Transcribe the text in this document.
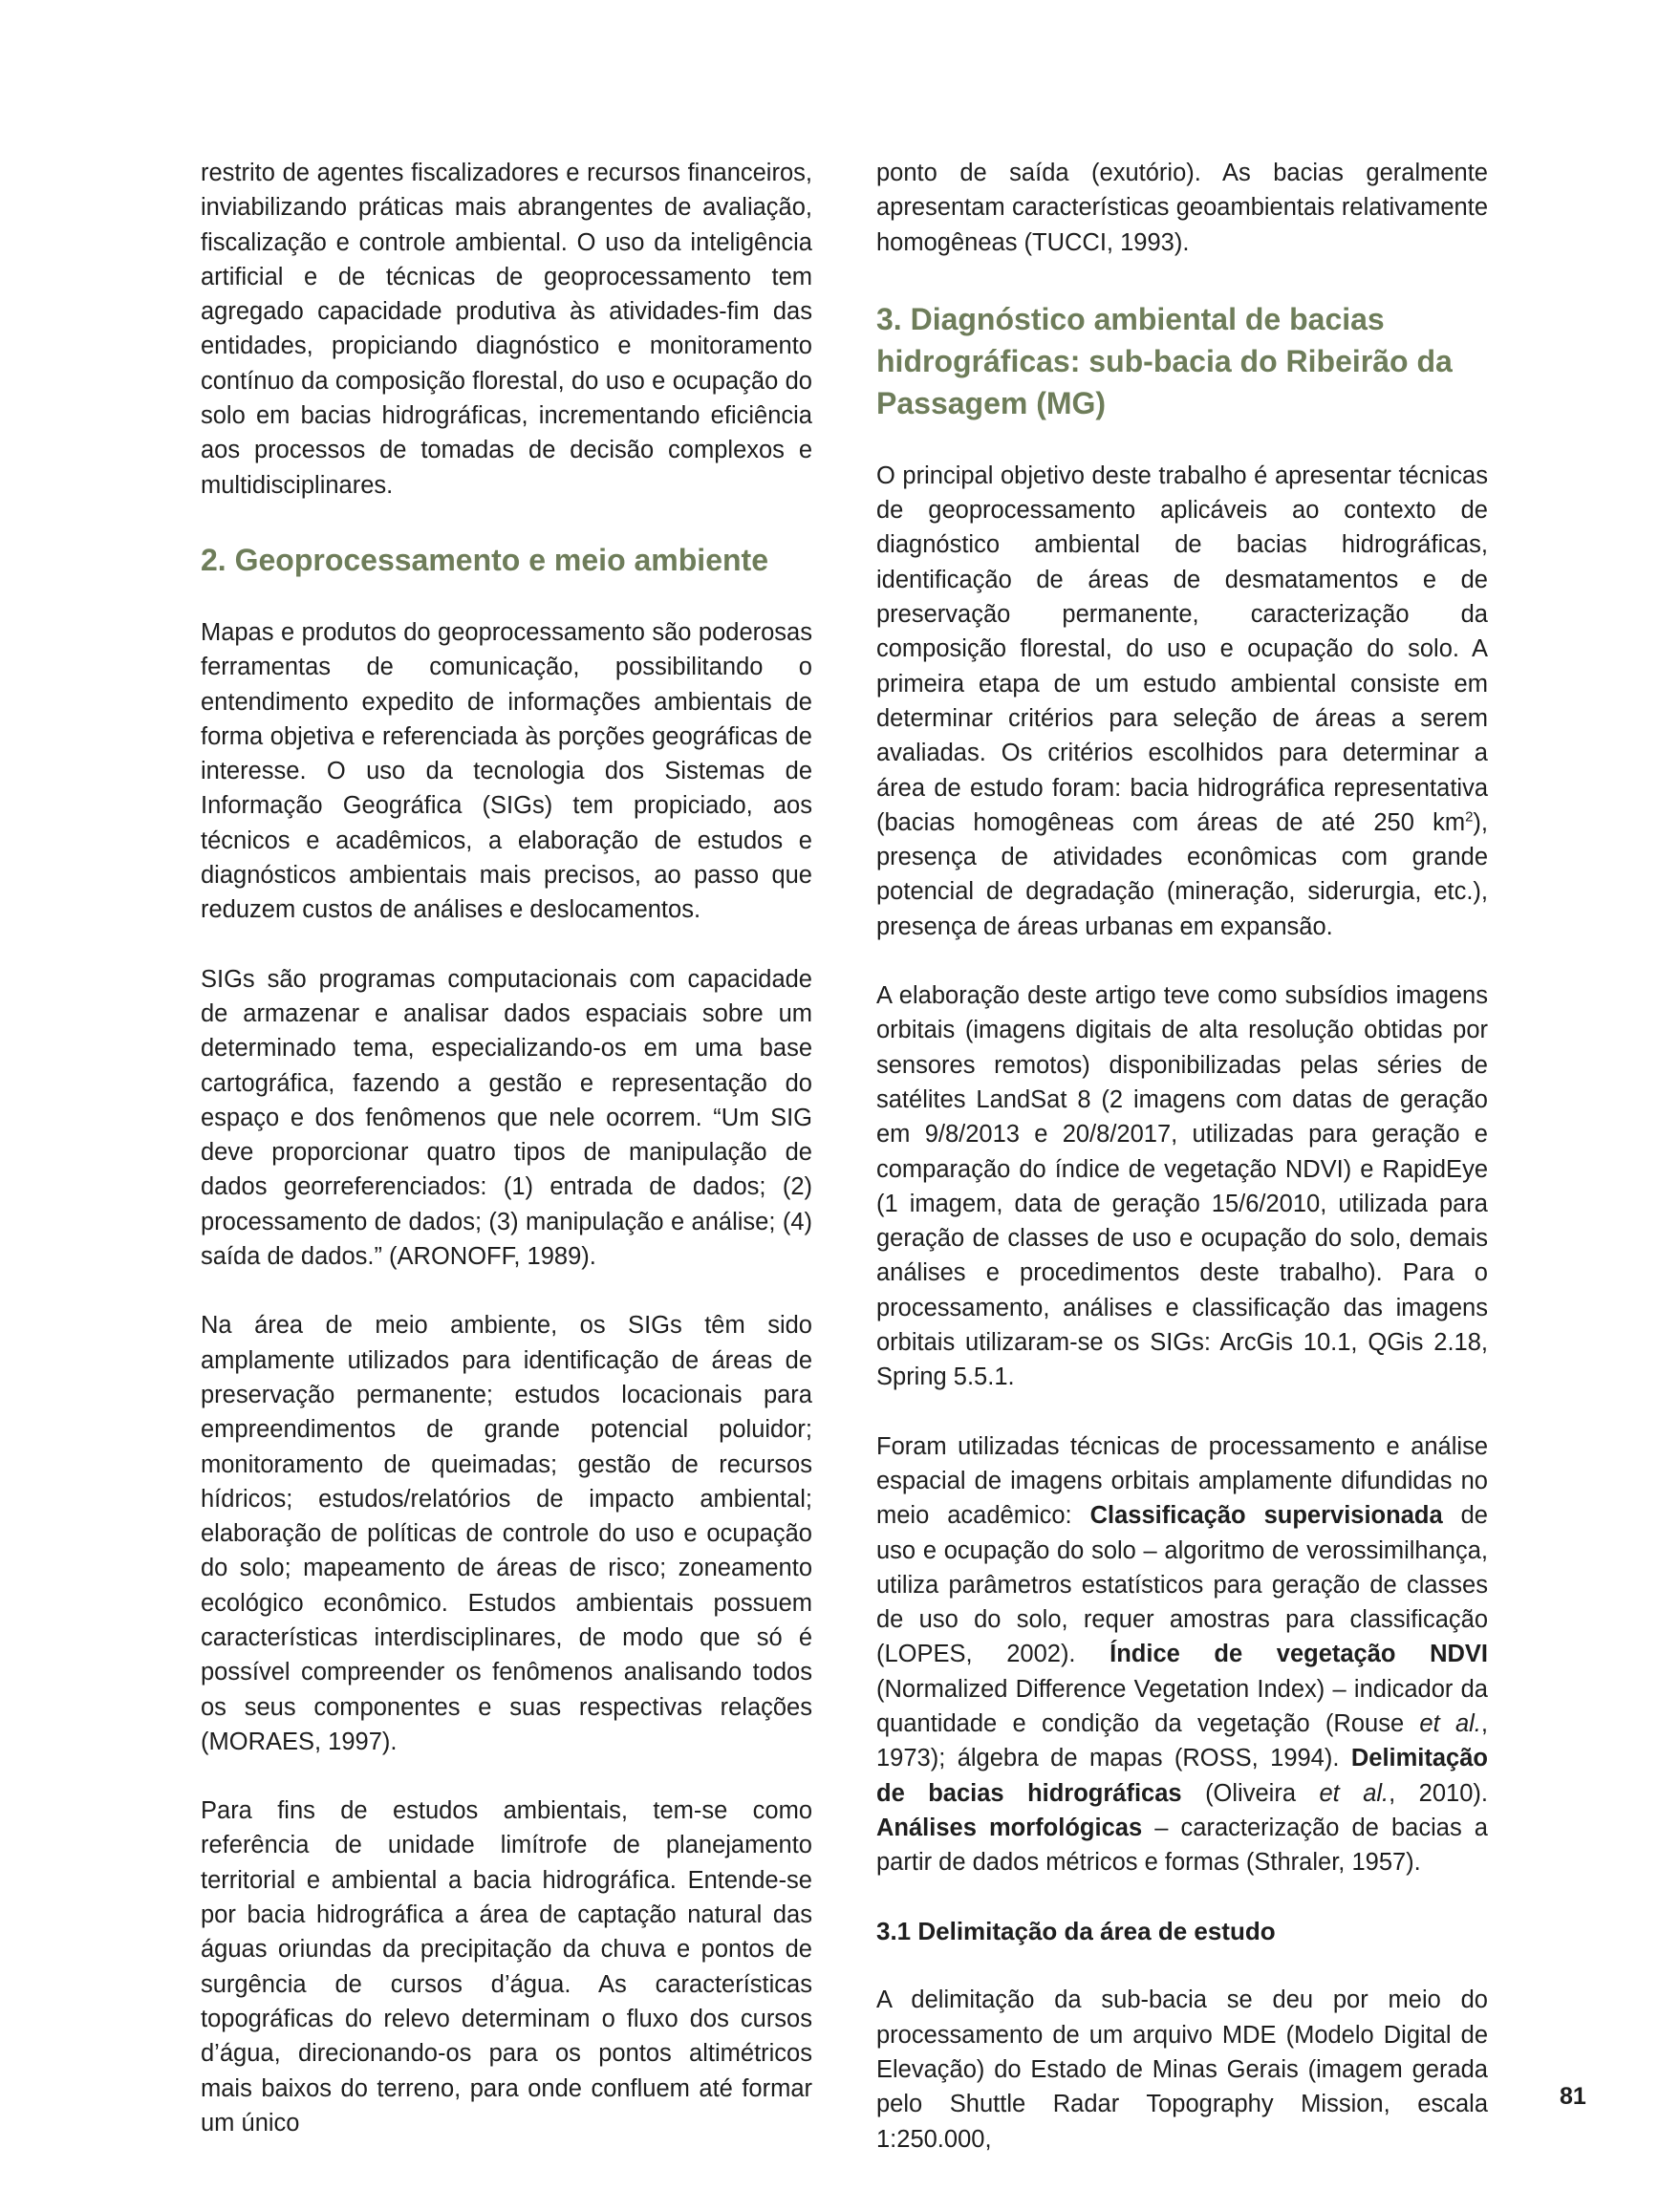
restrito de agentes fiscalizadores e recursos financeiros, inviabilizando práticas mais abrangentes de avaliação, fiscalização e controle ambiental. O uso da inteligência artificial e de técnicas de geoprocessamento tem agregado capacidade produtiva às atividades-fim das entidades, propiciando diagnóstico e monitoramento contínuo da composição florestal, do uso e ocupação do solo em bacias hidrográficas, incrementando eficiência aos processos de tomadas de decisão complexos e multidisciplinares.

2. Geoprocessamento e meio ambiente

Mapas e produtos do geoprocessamento são poderosas ferramentas de comunicação, possibilitando o entendimento expedito de informações ambientais de forma objetiva e referenciada às porções geográficas de interesse. O uso da tecnologia dos Sistemas de Informação Geográfica (SIGs) tem propiciado, aos técnicos e acadêmicos, a elaboração de estudos e diagnósticos ambientais mais precisos, ao passo que reduzem custos de análises e deslocamentos.

SIGs são programas computacionais com capacidade de armazenar e analisar dados espaciais sobre um determinado tema, especializando-os em uma base cartográfica, fazendo a gestão e representação do espaço e dos fenômenos que nele ocorrem. “Um SIG deve proporcionar quatro tipos de manipulação de dados georreferenciados: (1) entrada de dados; (2) processamento de dados; (3) manipulação e análise; (4) saída de dados.” (ARONOFF, 1989).

Na área de meio ambiente, os SIGs têm sido amplamente utilizados para identificação de áreas de preservação permanente; estudos locacionais para empreendimentos de grande potencial poluidor; monitoramento de queimadas; gestão de recursos hídricos; estudos/relatórios de impacto ambiental; elaboração de políticas de controle do uso e ocupação do solo; mapeamento de áreas de risco; zoneamento ecológico econômico. Estudos ambientais possuem características interdisciplinares, de modo que só é possível compreender os fenômenos analisando todos os seus componentes e suas respectivas relações (MORAES, 1997).

Para fins de estudos ambientais, tem-se como referência de unidade limítrofe de planejamento territorial e ambiental a bacia hidrográfica. Entende-se por bacia hidrográfica a área de captação natural das águas oriundas da precipitação da chuva e pontos de surgência de cursos d’água. As características topográficas do relevo determinam o fluxo dos cursos d’água, direcionando-os para os pontos altimétricos mais baixos do terreno, para onde confluem até formar um único

ponto de saída (exutório). As bacias geralmente apresentam características geoambientais relativamente homogêneas (TUCCI, 1993).

3. Diagnóstico ambiental de bacias hidrográficas: sub-bacia do Ribeirão da Passagem (MG)

O principal objetivo deste trabalho é apresentar técnicas de geoprocessamento aplicáveis ao contexto de diagnóstico ambiental de bacias hidrográficas, identificação de áreas de desmatamentos e de preservação permanente, caracterização da composição florestal, do uso e ocupação do solo. A primeira etapa de um estudo ambiental consiste em determinar critérios para seleção de áreas a serem avaliadas. Os critérios escolhidos para determinar a área de estudo foram: bacia hidrográfica representativa (bacias homogêneas com áreas de até 250 $km^2$), presença de atividades econômicas com grande potencial de degradação (mineração, siderurgia, etc.), presença de áreas urbanas em expansão.

A elaboração deste artigo teve como subsídios imagens orbitais (imagens digitais de alta resolução obtidas por sensores remotos) disponibilizadas pelas séries de satélites LandSat 8 (2 imagens com datas de geração em 9/8/2013 e 20/8/2017, utilizadas para geração e comparação do índice de vegetação NDVI) e RapidEye (1 imagem, data de geração 15/6/2010, utilizada para geração de classes de uso e ocupação do solo, demais análises e procedimentos deste trabalho). Para o processamento, análises e classificação das imagens orbitais utilizaram-se os SIGs: ArcGis 10.1, QGis 2.18, Spring 5.5.1.

Foram utilizadas técnicas de processamento e análise espacial de imagens orbitais amplamente difundidas no meio acadêmico: Classificação supervisionada de uso e ocupação do solo – algoritmo de verossimilhança, utiliza parâmetros estatísticos para geração de classes de uso do solo, requer amostras para classificação (LOPES, 2002). Índice de vegetação NDVI (Normalized Difference Vegetation Index) – indicador da quantidade e condição da vegetação (Rouse et al., 1973); álgebra de mapas (ROSS, 1994). Delimitação de bacias hidrográficas (Oliveira et al., 2010). Análises morfológicas – caracterização de bacias a partir de dados métricos e formas (Sthraler, 1957).

3.1 Delimitação da área de estudo

A delimitação da sub-bacia se deu por meio do processamento de um arquivo MDE (Modelo Digital de Elevação) do Estado de Minas Gerais (imagem gerada pelo Shuttle Radar Topography Mission, escala 1:250.000,

81
